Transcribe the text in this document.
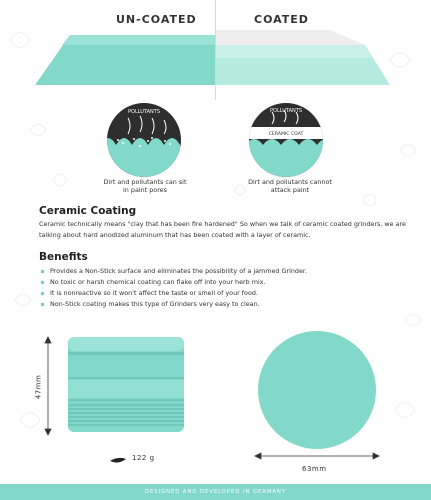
UN-COATED	COATED
POLLUTANTS	POLLUTANTS
CERAMIC COAT
Dirt and pollutants can sit in paint pores
Dirt and pollutants cannot attack paint
Ceramic Coating

Ceramic technically means "clay that has been fire hardened" So when we talk of ceramic coated grinders, we are talking about hard anodized aluminum that has been coated with a layer of ceramic.

Benefits
Provides a Non-Stick surface and eliminates the possibility of a jammed Grinder.
No toxic or harsh chemical coating can flake off into your herb mix.
It is nonreactive so it won't affect the taste or smell of your food.
Non-Stick coating makes this type of Grinders very easy to clean.
47mm
122 g
63mm
DESIGNED AND DEVELOPED IN GERMANY
